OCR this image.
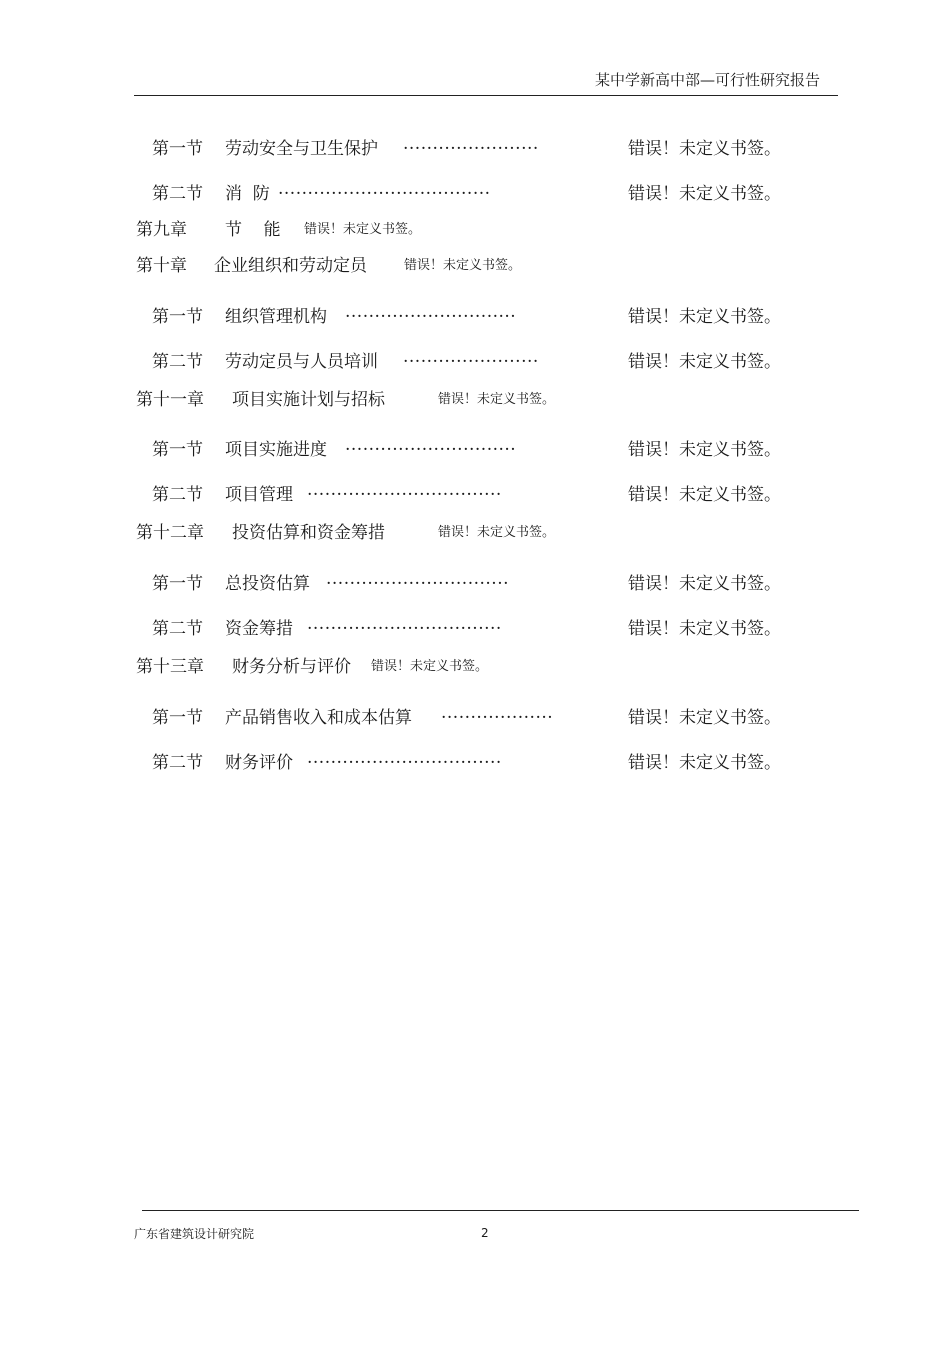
某中学新高中部—可行性研究报告
第一节 劳动安全与卫生保护 .......................	错误！未定义书签。
第二节 消  防 ....................................	错误！未定义书签。
第九章 节    能 错误！未定义书签。
第十章 企业组织和劳动定员	错误！未定义书签。
第一节 组织管理机构 .............................	错误！未定义书签。
第二节 劳动定员与人员培训 .......................	错误！未定义书签。
第十一章 项目实施计划与招标	错误！未定义书签。
第一节 项目实施进度 .............................	错误！未定义书签。
第二节 项目管理 .................................	错误！未定义书签。
第十二章 投资估算和资金筹措	错误！未定义书签。
第一节 总投资估算 ...............................	错误！未定义书签。
第二节 资金筹措 .................................	错误！未定义书签。
第十三章 财务分析与评价 错误！未定义书签。
第一节 产品销售收入和成本估算 ...................	错误！未定义书签。
第二节 财务评价 .................................	错误！未定义书签。
广东省建筑设计研究院	2
